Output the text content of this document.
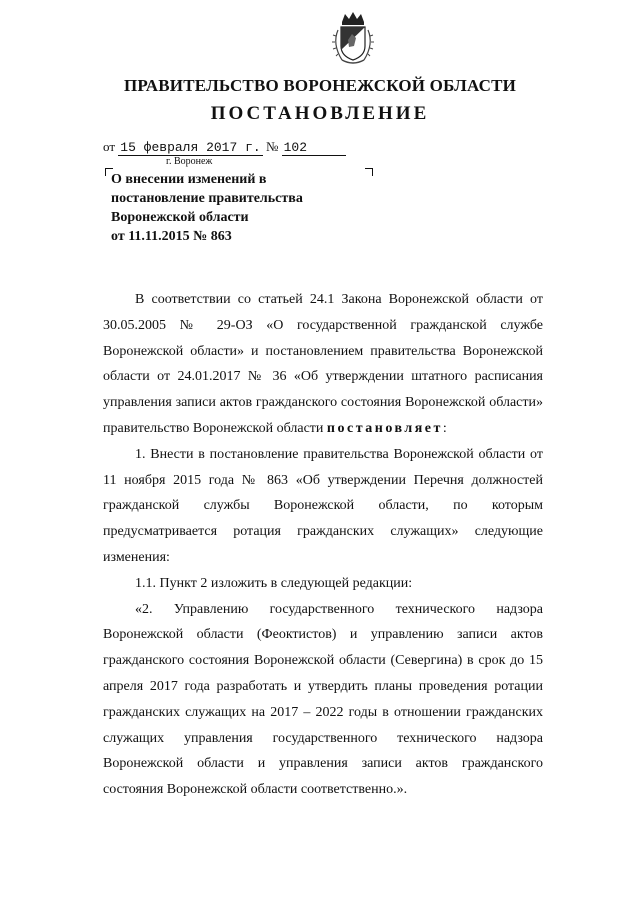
ПРАВИТЕЛЬСТВО ВОРОНЕЖСКОЙ ОБЛАСТИ
ПОСТАНОВЛЕНИЕ
от 15 февраля 2017 г. № 102
г. Воронеж
О внесении изменений в
постановление правительства
Воронежской области
от 11.11.2015 № 863

В соответствии со статьей 24.1 Закона Воронежской области от 30.05.2005 № 29-ОЗ «О государственной гражданской службе Воронежской области» и постановлением правительства Воронежской области от 24.01.2017 № 36 «Об утверждении штатного расписания управления записи актов гражданского состояния Воронежской области» правительство Воронежской области постановляет:

1. Внести в постановление правительства Воронежской области от 11 ноября 2015 года № 863 «Об утверждении Перечня должностей гражданской службы Воронежской области, по которым предусматривается ротация гражданских служащих» следующие изменения:

1.1. Пункт 2 изложить в следующей редакции:

«2. Управлению государственного технического надзора Воронежской области (Феоктистов) и управлению записи актов гражданского состояния Воронежской области (Севергина) в срок до 15 апреля 2017 года разработать и утвердить планы проведения ротации гражданских служащих на 2017 – 2022 годы в отношении гражданских служащих управления государственного технического надзора Воронежской области и управления записи актов гражданского состояния Воронежской области соответственно.».
